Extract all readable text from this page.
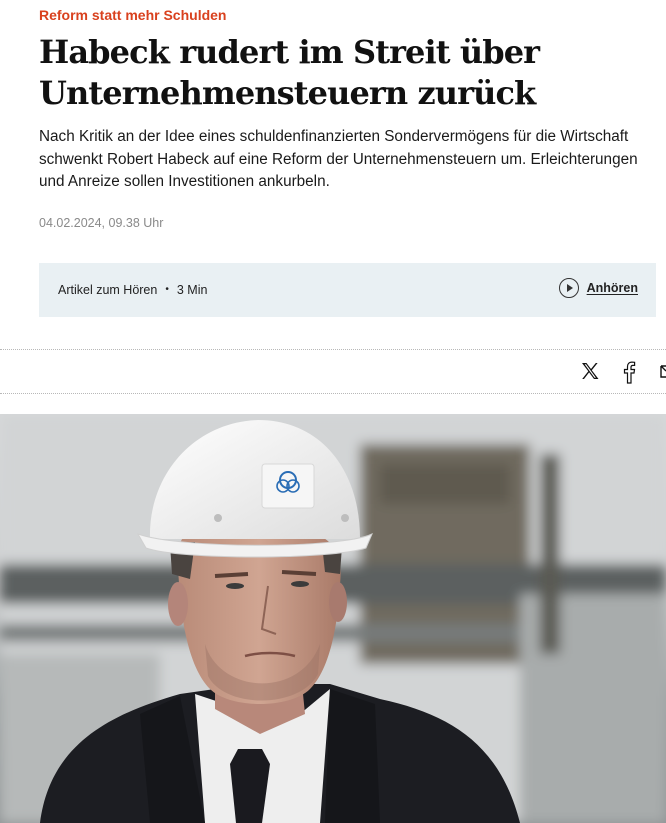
Reform statt mehr Schulden
Habeck rudert im Streit über Unternehmensteuern zurück

Nach Kritik an der Idee eines schuldenfinanzierten Sondervermögens für die Wirtschaft schwenkt Robert Habeck auf eine Reform der Unternehmensteuern um. Erleichterungen und Anreize sollen Investitionen ankurbeln.

04.02.2024, 09.38 Uhr
Artikel zum Hören • 3 Min	Anhören
